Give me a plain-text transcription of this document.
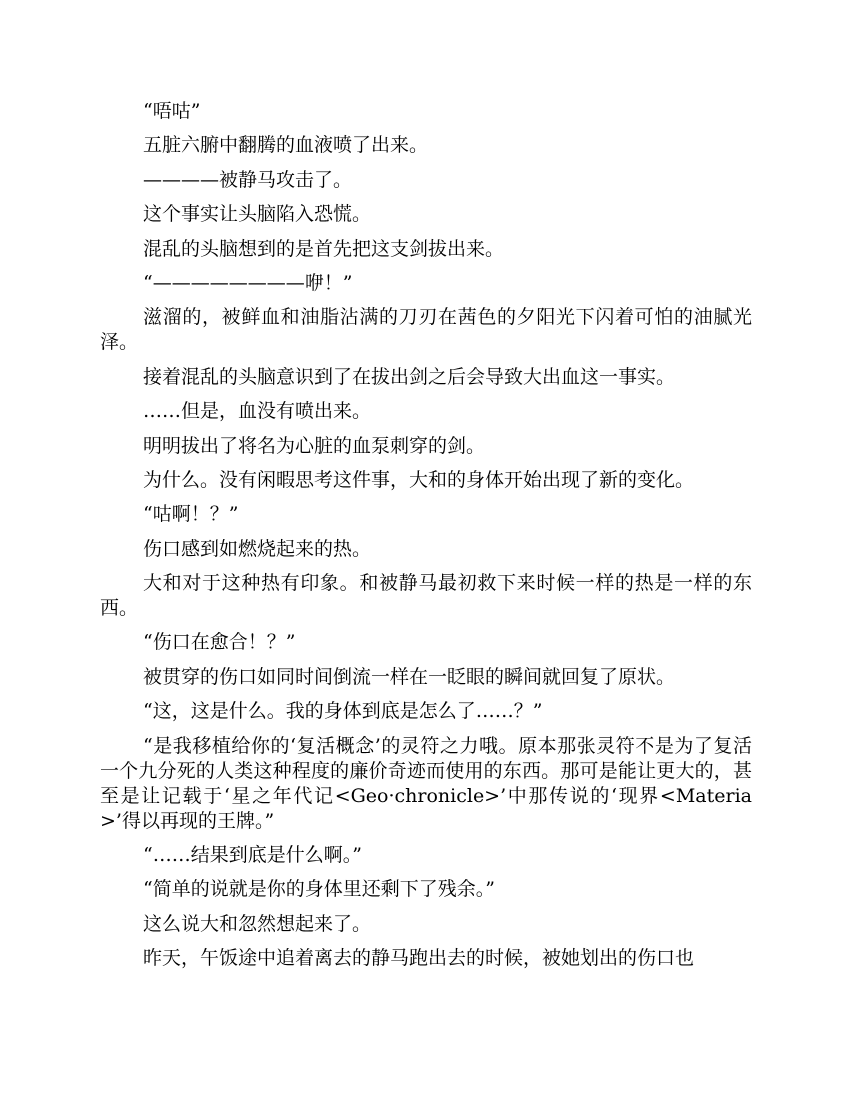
“唔咕”

五脏六腑中翻腾的血液喷了出来。

————被静马攻击了。

这个事实让头脑陷入恐慌。

混乱的头脑想到的是首先把这支剑拔出来。

“————————咿！”

滋溜的，被鲜血和油脂沾满的刀刃在茜色的夕阳光下闪着可怕的油腻光泽。

接着混乱的头脑意识到了在拔出剑之后会导致大出血这一事实。

……但是，血没有喷出来。

明明拔出了将名为心脏的血泵刺穿的剑。

为什么。没有闲暇思考这件事，大和的身体开始出现了新的变化。

“咕啊！？”

伤口感到如燃烧起来的热。

大和对于这种热有印象。和被静马最初救下来时候一样的热是一样的东西。

“伤口在愈合！？”

被贯穿的伤口如同时间倒流一样在一眨眼的瞬间就回复了原状。

“这，这是什么。我的身体到底是怎么了……？”

“是我移植给你的‘复活概念’的灵符之力哦。原本那张灵符不是为了复活一个九分死的人类这种程度的廉价奇迹而使用的东西。那可是能让更大的，甚至是让记载于‘星之年代记<Geo·chronicle>’中那传说的‘现界<Materia>’得以再现的王牌。”

“……结果到底是什么啊。”

“简单的说就是你的身体里还剩下了残余。”

这么说大和忽然想起来了。

昨天，午饭途中追着离去的静马跑出去的时候，被她划出的伤口也
